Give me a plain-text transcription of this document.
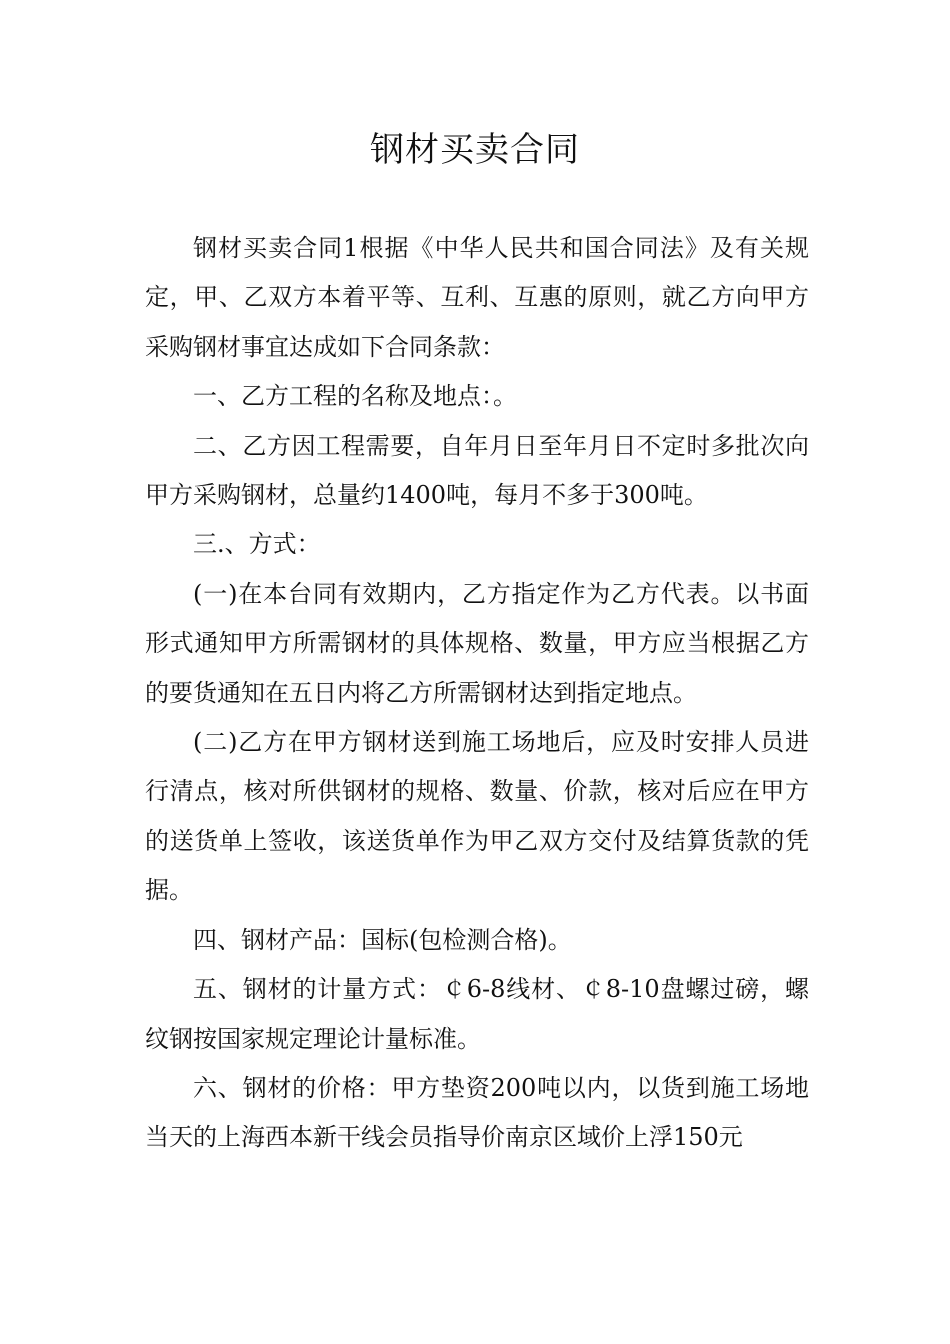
钢材买卖合同

钢材买卖合同1根据《中华人民共和国合同法》及有关规定，甲、乙双方本着平等、互利、互惠的原则，就乙方向甲方采购钢材事宜达成如下合同条款：

一、乙方工程的名称及地点：。

二、乙方因工程需要，自年月日至年月日不定时多批次向甲方采购钢材，总量约1400吨，每月不多于300吨。

三.、方式：

(一)在本台同有效期内，乙方指定作为乙方代表。以书面形式通知甲方所需钢材的具体规格、数量，甲方应当根据乙方的要货通知在五日内将乙方所需钢材达到指定地点。

(二)乙方在甲方钢材送到施工场地后，应及时安排人员进行清点，核对所供钢材的规格、数量、价款，核对后应在甲方的送货单上签收，该送货单作为甲乙双方交付及结算货款的凭据。

四、钢材产品：国标(包检测合格)。

五、钢材的计量方式：￠6-8线材、￠8-10盘螺过磅，螺纹钢按国家规定理论计量标准。

六、钢材的价格：甲方垫资200吨以内，以货到施工场地当天的上海西本新干线会员指导价南京区域价上浮150元
